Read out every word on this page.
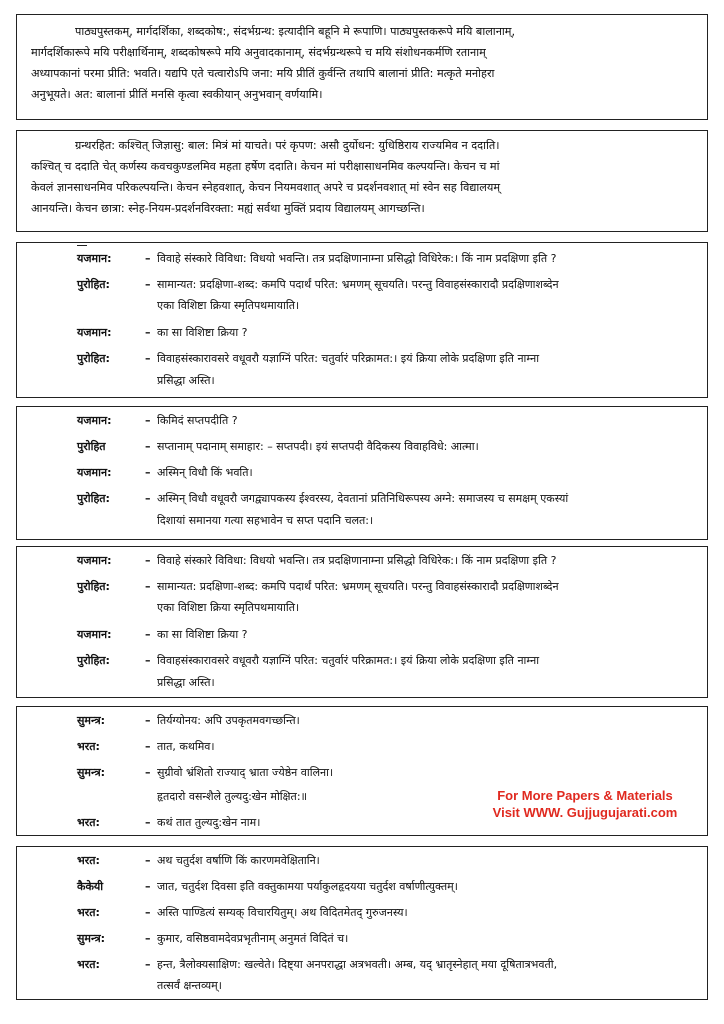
पाठ्यपुस्तकम्, मार्गदर्शिका, शब्दकोष:, संदर्भग्रन्थ: इत्यादीनि बहूनि मे रूपाणि। पाठ्यपुस्तकरूपे मयि बालानाम्,
मार्गदर्शिकारूपे मयि परीक्षार्थिनाम्, शब्दकोषरूपे मयि अनुवादकानाम्, संदर्भग्रन्थरूपे च मयि संशोधनकर्मणि रतानाम्
अध्यापकानां परमा प्रीति: भवति। यद्यपि एते चत्वारोऽपि जना: मयि प्रीतिं कुर्वन्ति तथापि बालानां प्रीति: मत्कृते मनोहरा
अनुभूयते। अत: बालानां प्रीतिं मनसि कृत्वा स्वकीयान् अनुभवान् वर्णयामि।
ग्रन्थरहित: कश्चित् जिज्ञासु: बाल: मित्रं मां याचते। परं कृपण: असौ दुर्योधन: युधिष्ठिराय राज्यमिव न ददाति।
कश्चित् च ददाति चेत् कर्णस्य कवचकुण्डलमिव महता हर्षेण ददाति। केचन मां परीक्षासाधनमिव कल्पयन्ति। केचन च मां
केवलं ज्ञानसाधनमिव परिकल्पयन्ति। केचन स्नेहवशात्, केचन नियमवशात् अपरे च प्रदर्शनवशात् मां स्वेन सह विद्यालयम्
आनयन्ति। केचन छात्रा: स्नेह-नियम-प्रदर्शनविरक्ता: मह्यं सर्वथा मुक्तिं प्रदाय विद्यालयम् आगच्छन्ति।
यजमान:	– विवाहे संस्कारे विविधा: विधयो भवन्ति। तत्र प्रदक्षिणानाम्ना प्रसिद्धो विधिरेक:। किं नाम प्रदक्षिणा इति ?
पुरोहित:	– सामान्यत: प्रदक्षिणा-शब्द: कमपि पदार्थं परित: भ्रमणम् सूचयति। परन्तु विवाहसंस्कारादौ प्रदक्षिणाशब्देन
एका विशिष्टा क्रिया स्मृतिपथमायाति।
यजमान:	– का सा विशिष्टा क्रिया ?
पुरोहित:	– विवाहसंस्कारावसरे वधूवरौ यज्ञाग्निं परित: चतुर्वारं परिक्रामत:। इयं क्रिया लोके प्रदक्षिणा इति नाम्ना
प्रसिद्धा अस्ति।
यजमान:	– किमिदं सप्तपदीति ?
पुरोहित	– सप्तानाम् पदानाम् समाहार: – सप्तपदी। इयं सप्तपदी वैदिकस्य विवाहविधे: आत्मा।
यजमान:	– अस्मिन् विधौ किं भवति।
पुरोहित:	– अस्मिन् विधौ वधूवरौ जगद्व्यापकस्य ईश्वरस्य, देवतानां प्रतिनिधिरूपस्य अग्ने: समाजस्य च समक्षम् एकस्यां
दिशायां समानया गत्या सहभावेन च सप्त पदानि चलत:।
यजमान:	– विवाहे संस्कारे विविधा: विधयो भवन्ति। तत्र प्रदक्षिणानाम्ना प्रसिद्धो विधिरेक:। किं नाम प्रदक्षिणा इति ?
पुरोहित:	– सामान्यत: प्रदक्षिणा-शब्द: कमपि पदार्थं परित: भ्रमणम् सूचयति। परन्तु विवाहसंस्कारादौ प्रदक्षिणाशब्देन
एका विशिष्टा क्रिया स्मृतिपथमायाति।
यजमान:	– का सा विशिष्टा क्रिया ?
पुरोहित:	– विवाहसंस्कारावसरे वधूवरौ यज्ञाग्निं परित: चतुर्वारं परिक्रामत:। इयं क्रिया लोके प्रदक्षिणा इति नाम्ना
प्रसिद्धा अस्ति।
सुमन्त्र:	– तिर्यग्योनय: अपि उपकृतमवगच्छन्ति।
भरत:	– तात, कथमिव।
सुमन्त्र:	– सुग्रीवो भ्रंशितो राज्याद् भ्राता ज्येष्ठेन वालिना।
हृतदारो वसन्शैले तुल्यदु:खेन मोक्षित:॥
भरत:	– कथं तात तुल्यदु:खेन नाम।
For More Papers & Materials
Visit WWW. Gujjugujarati.com
भरत:	– अथ चतुर्दश वर्षाणि किं कारणमवेक्षितानि।
कैकेयी	– जात, चतुर्दश दिवसा इति वक्तुकामया पर्याकुलहृदयया चतुर्दश वर्षाणीत्युक्तम्।
भरत:	– अस्ति पाण्डित्यं सम्यक् विचारयितुम्। अथ विदितमेतद् गुरुजनस्य।
सुमन्त्र:	– कुमार, वसिष्ठवामदेवप्रभृतीनाम् अनुमतं विदितं च।
भरत:	– हन्त, त्रैलोक्यसाक्षिण: खल्वेते। दिष्ट्या अनपराद्धा अत्रभवती। अम्ब, यद् भ्रातृस्नेहात् मया दूषितात्रभवती,
तत्सर्वं क्षन्तव्यम्।
